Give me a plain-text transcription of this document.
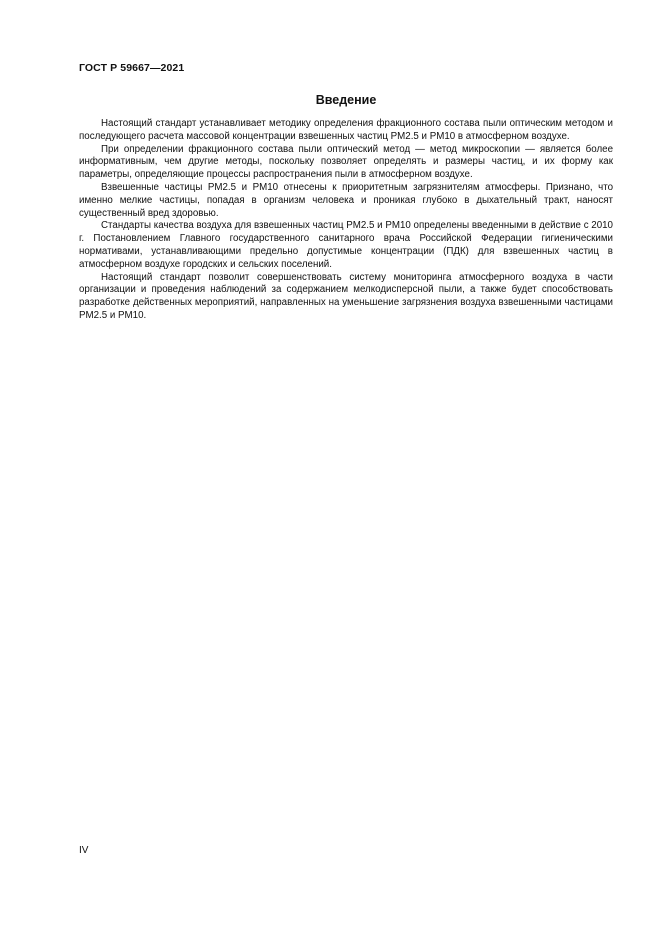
ГОСТ Р 59667—2021
Введение

Настоящий стандарт устанавливает методику определения фракционного состава пыли оптическим методом и последующего расчета массовой концентрации взвешенных частиц PM2.5 и PM10 в атмосферном воздухе.

При определении фракционного состава пыли оптический метод — метод микроскопии — является более информативным, чем другие методы, поскольку позволяет определять и размеры частиц, и их форму как параметры, определяющие процессы распространения пыли в атмосферном воздухе.

Взвешенные частицы PM2.5 и PM10 отнесены к приоритетным загрязнителям атмосферы. Признано, что именно мелкие частицы, попадая в организм человека и проникая глубоко в дыхательный тракт, наносят существенный вред здоровью.

Стандарты качества воздуха для взвешенных частиц PM2.5 и PM10 определены введенными в действие с 2010 г. Постановлением Главного государственного санитарного врача Российской Федерации гигиеническими нормативами, устанавливающими предельно допустимые концентрации (ПДК) для взвешенных частиц в атмосферном воздухе городских и сельских поселений.

Настоящий стандарт позволит совершенствовать систему мониторинга атмосферного воздуха в части организации и проведения наблюдений за содержанием мелкодисперсной пыли, а также будет способствовать разработке действенных мероприятий, направленных на уменьшение загрязнения воздуха взвешенными частицами PM2.5 и PM10.

IV
